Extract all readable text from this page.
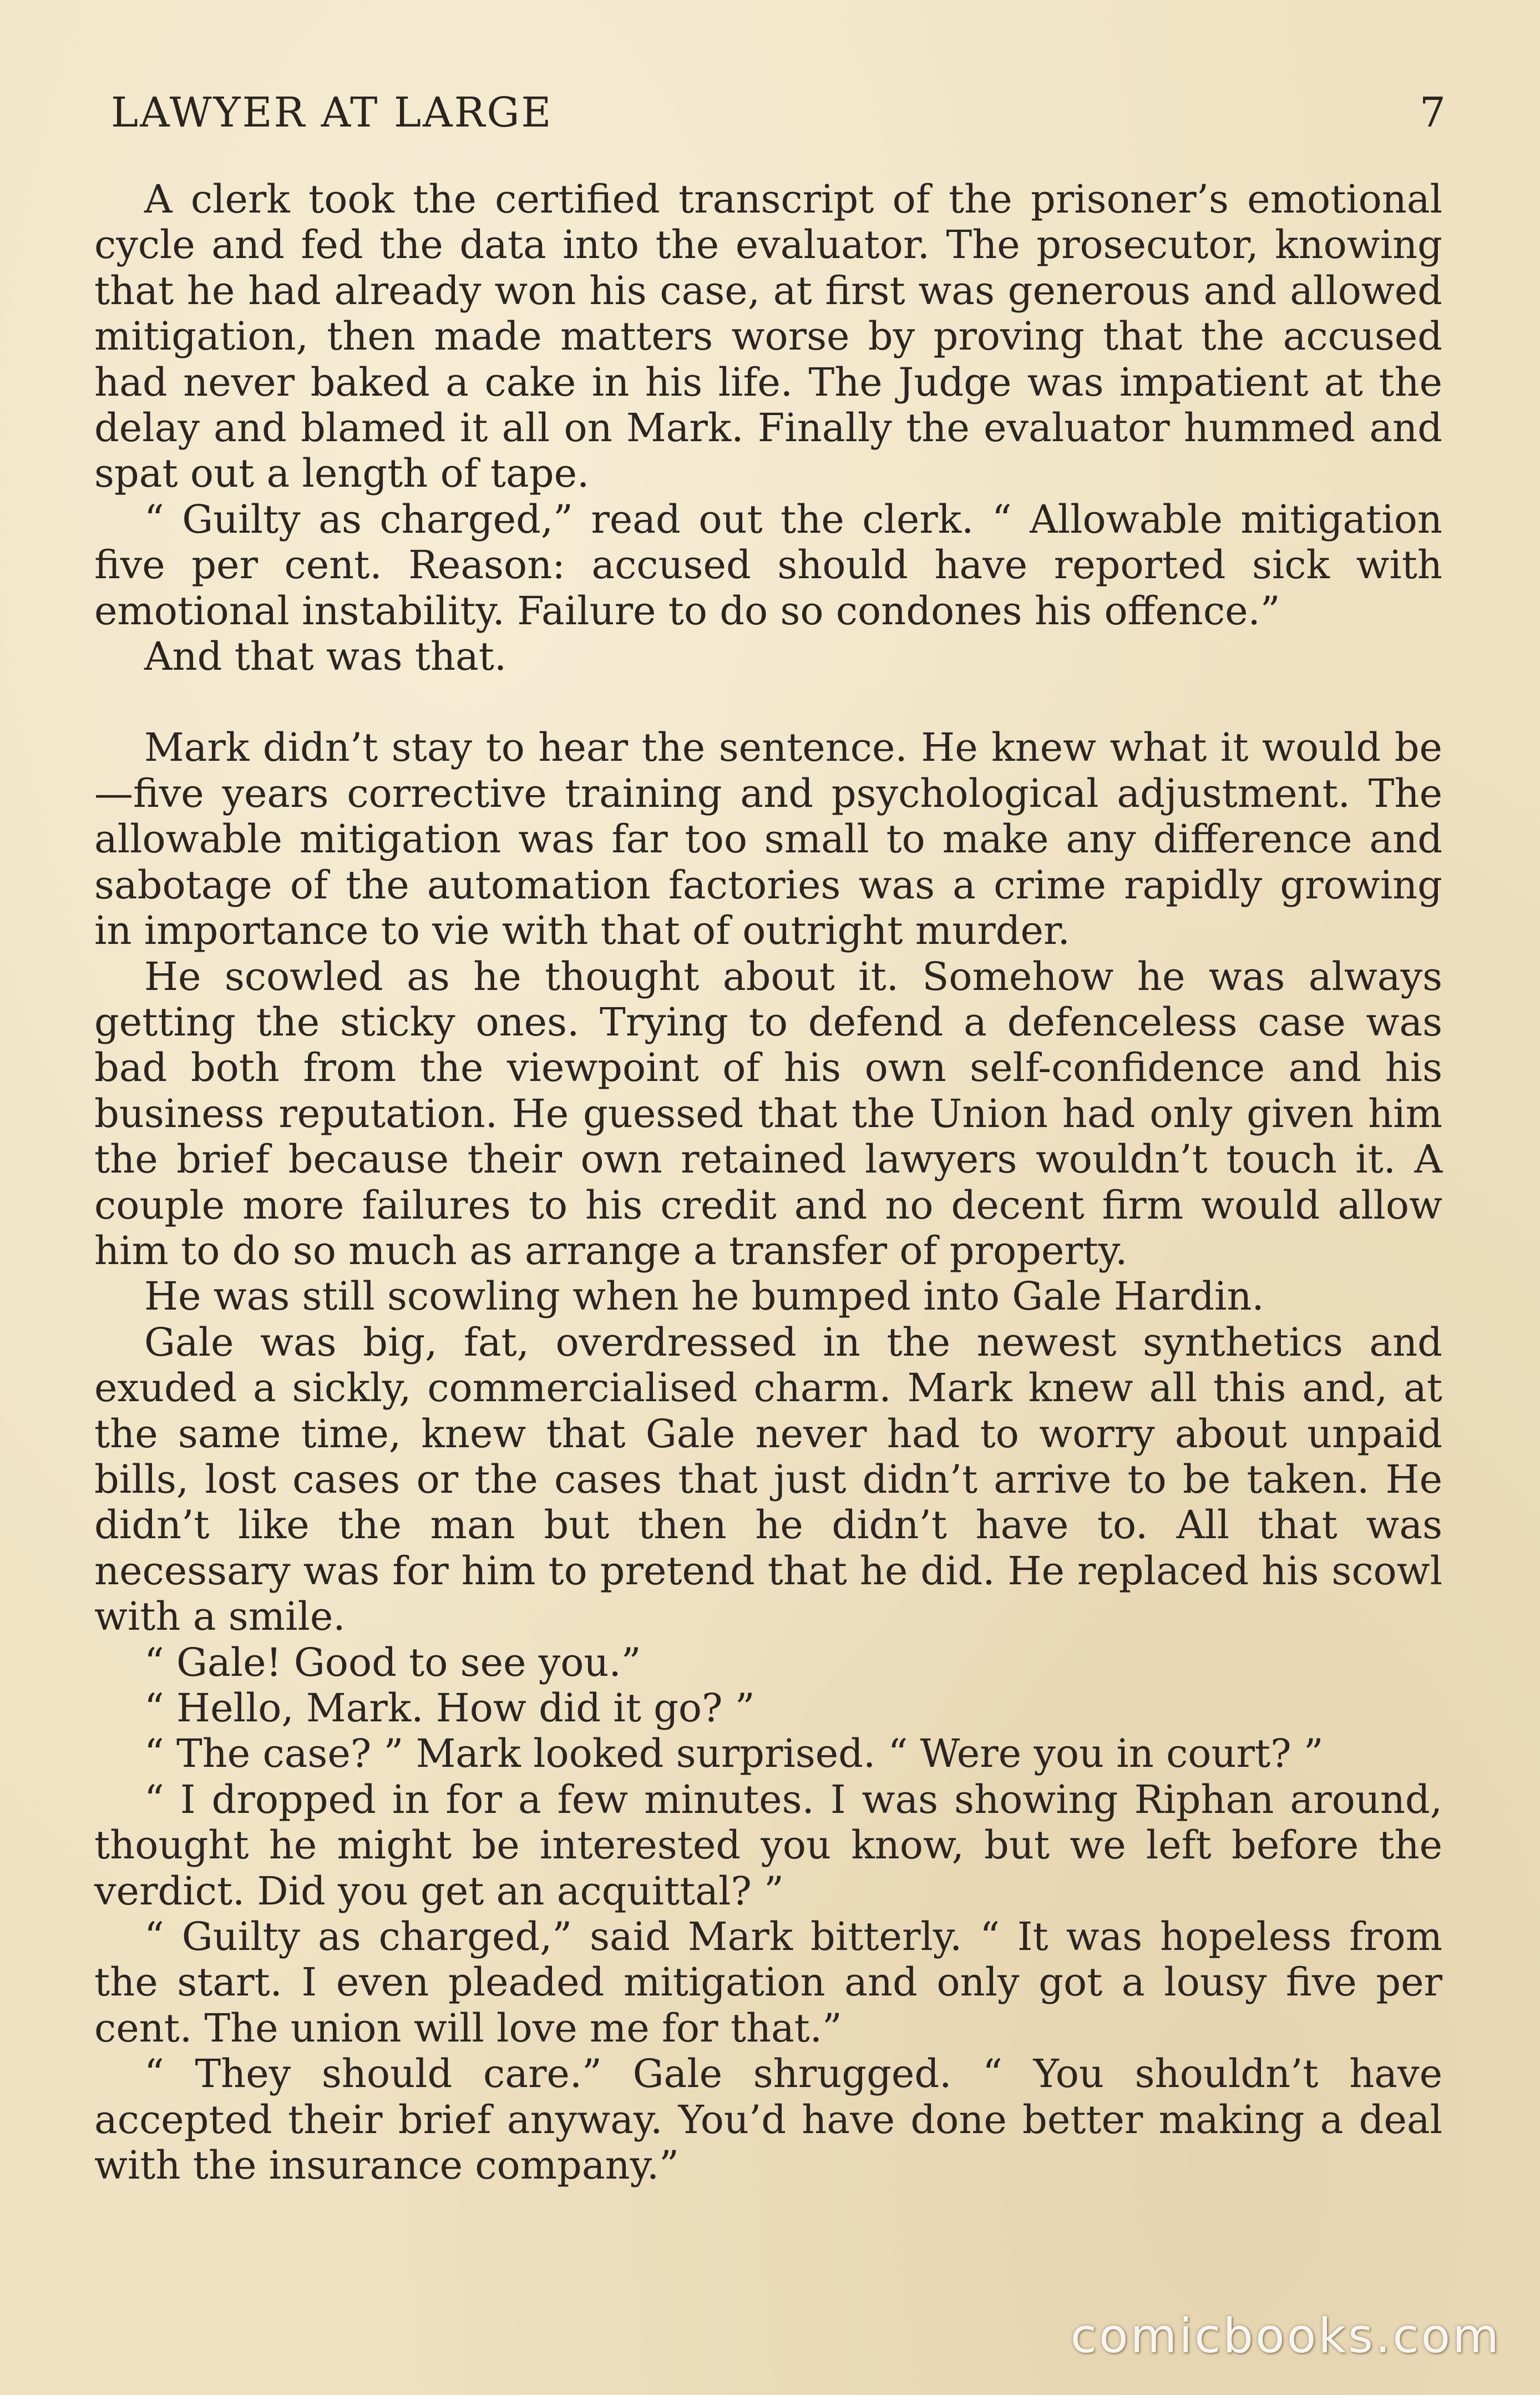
LAWYER AT LARGE	7

A clerk took the certified transcript of the prisoner’s emotional cycle and fed the data into the evaluator. The prosecutor, knowing that he had already won his case, at first was generous and allowed mitigation, then made matters worse by proving that the accused had never baked a cake in his life. The Judge was impatient at the delay and blamed it all on Mark. Finally the evaluator hummed and spat out a length of tape.

“ Guilty as charged,” read out the clerk. “ Allowable mitigation five per cent. Reason: accused should have reported sick with emotional instability. Failure to do so condones his offence.”

And that was that.

Mark didn’t stay to hear the sentence. He knew what it would be—five years corrective training and psychological adjustment. The allowable mitigation was far too small to make any difference and sabotage of the automation factories was a crime rapidly growing in importance to vie with that of outright murder.

He scowled as he thought about it. Somehow he was always getting the sticky ones. Trying to defend a defenceless case was bad both from the viewpoint of his own self-confidence and his business reputation. He guessed that the Union had only given him the brief because their own retained lawyers wouldn’t touch it. A couple more failures to his credit and no decent firm would allow him to do so much as arrange a transfer of property.

He was still scowling when he bumped into Gale Hardin.

Gale was big, fat, overdressed in the newest synthetics and exuded a sickly, commercialised charm. Mark knew all this and, at the same time, knew that Gale never had to worry about unpaid bills, lost cases or the cases that just didn’t arrive to be taken. He didn’t like the man but then he didn’t have to. All that was necessary was for him to pretend that he did. He replaced his scowl with a smile.

“ Gale! Good to see you.”

“ Hello, Mark. How did it go? ”

“ The case? ” Mark looked surprised. “ Were you in court? ”

“ I dropped in for a few minutes. I was showing Riphan around, thought he might be interested you know, but we left before the verdict. Did you get an acquittal? ”

“ Guilty as charged,” said Mark bitterly. “ It was hopeless from the start. I even pleaded mitigation and only got a lousy five per cent. The union will love me for that.”

“ They should care.” Gale shrugged. “ You shouldn’t have accepted their brief anyway. You’d have done better making a deal with the insurance company.”

comicbooks.com
